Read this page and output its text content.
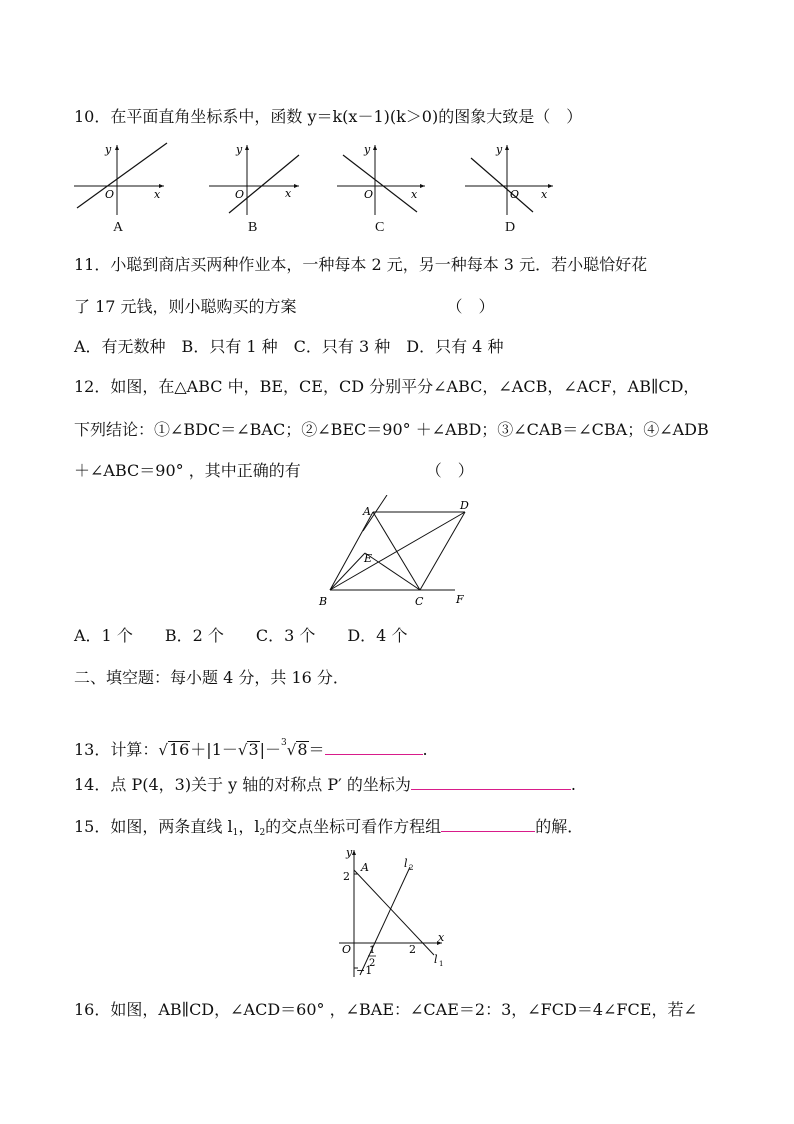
10．在平面直角坐标系中，函数 y＝k(x－1)(k＞0)的图象大致是（　）
y
O	x
A
y
O	x
B
y
O	x
C
y
O x
D
11．小聪到商店买两种作业本，一种每本 2 元，另一种每本 3 元．若小聪恰好花
了 17 元钱，则小聪购买的方案	（　）
A．有无数种　B．只有 1 种　C．只有 3 种　D．只有 4 种
12．如图，在△ABC 中，BE，CE，CD 分别平分∠ABC，∠ACB，∠ACF，AB∥CD，
下列结论：①∠BDC＝∠BAC；②∠BEC＝90° ＋∠ABD；③∠CAB＝∠CBA；④∠ADB
＋∠ABC＝90° ，其中正确的有	（　）
A
B	C
D
E
F
A．1 个　　B．2 个　　C．3 个　　D．4 个
二、填空题：每小题 4 分，共 16 分．
13．计算：√16＋|1－√3|－$^3$√8＝	.
14．点 P(4，3)关于 y 轴的对称点 P′ 的坐标为	.
15．如图，两条直线 $l_1$，$l_2$的交点坐标可看作方程组	的解．
y
x
O
A
2
2
1
2
−1
l 2
l 1
16．如图，AB∥CD，∠ACD＝60° ，∠BAE：∠CAE＝2：3，∠FCD＝4∠FCE，若∠
